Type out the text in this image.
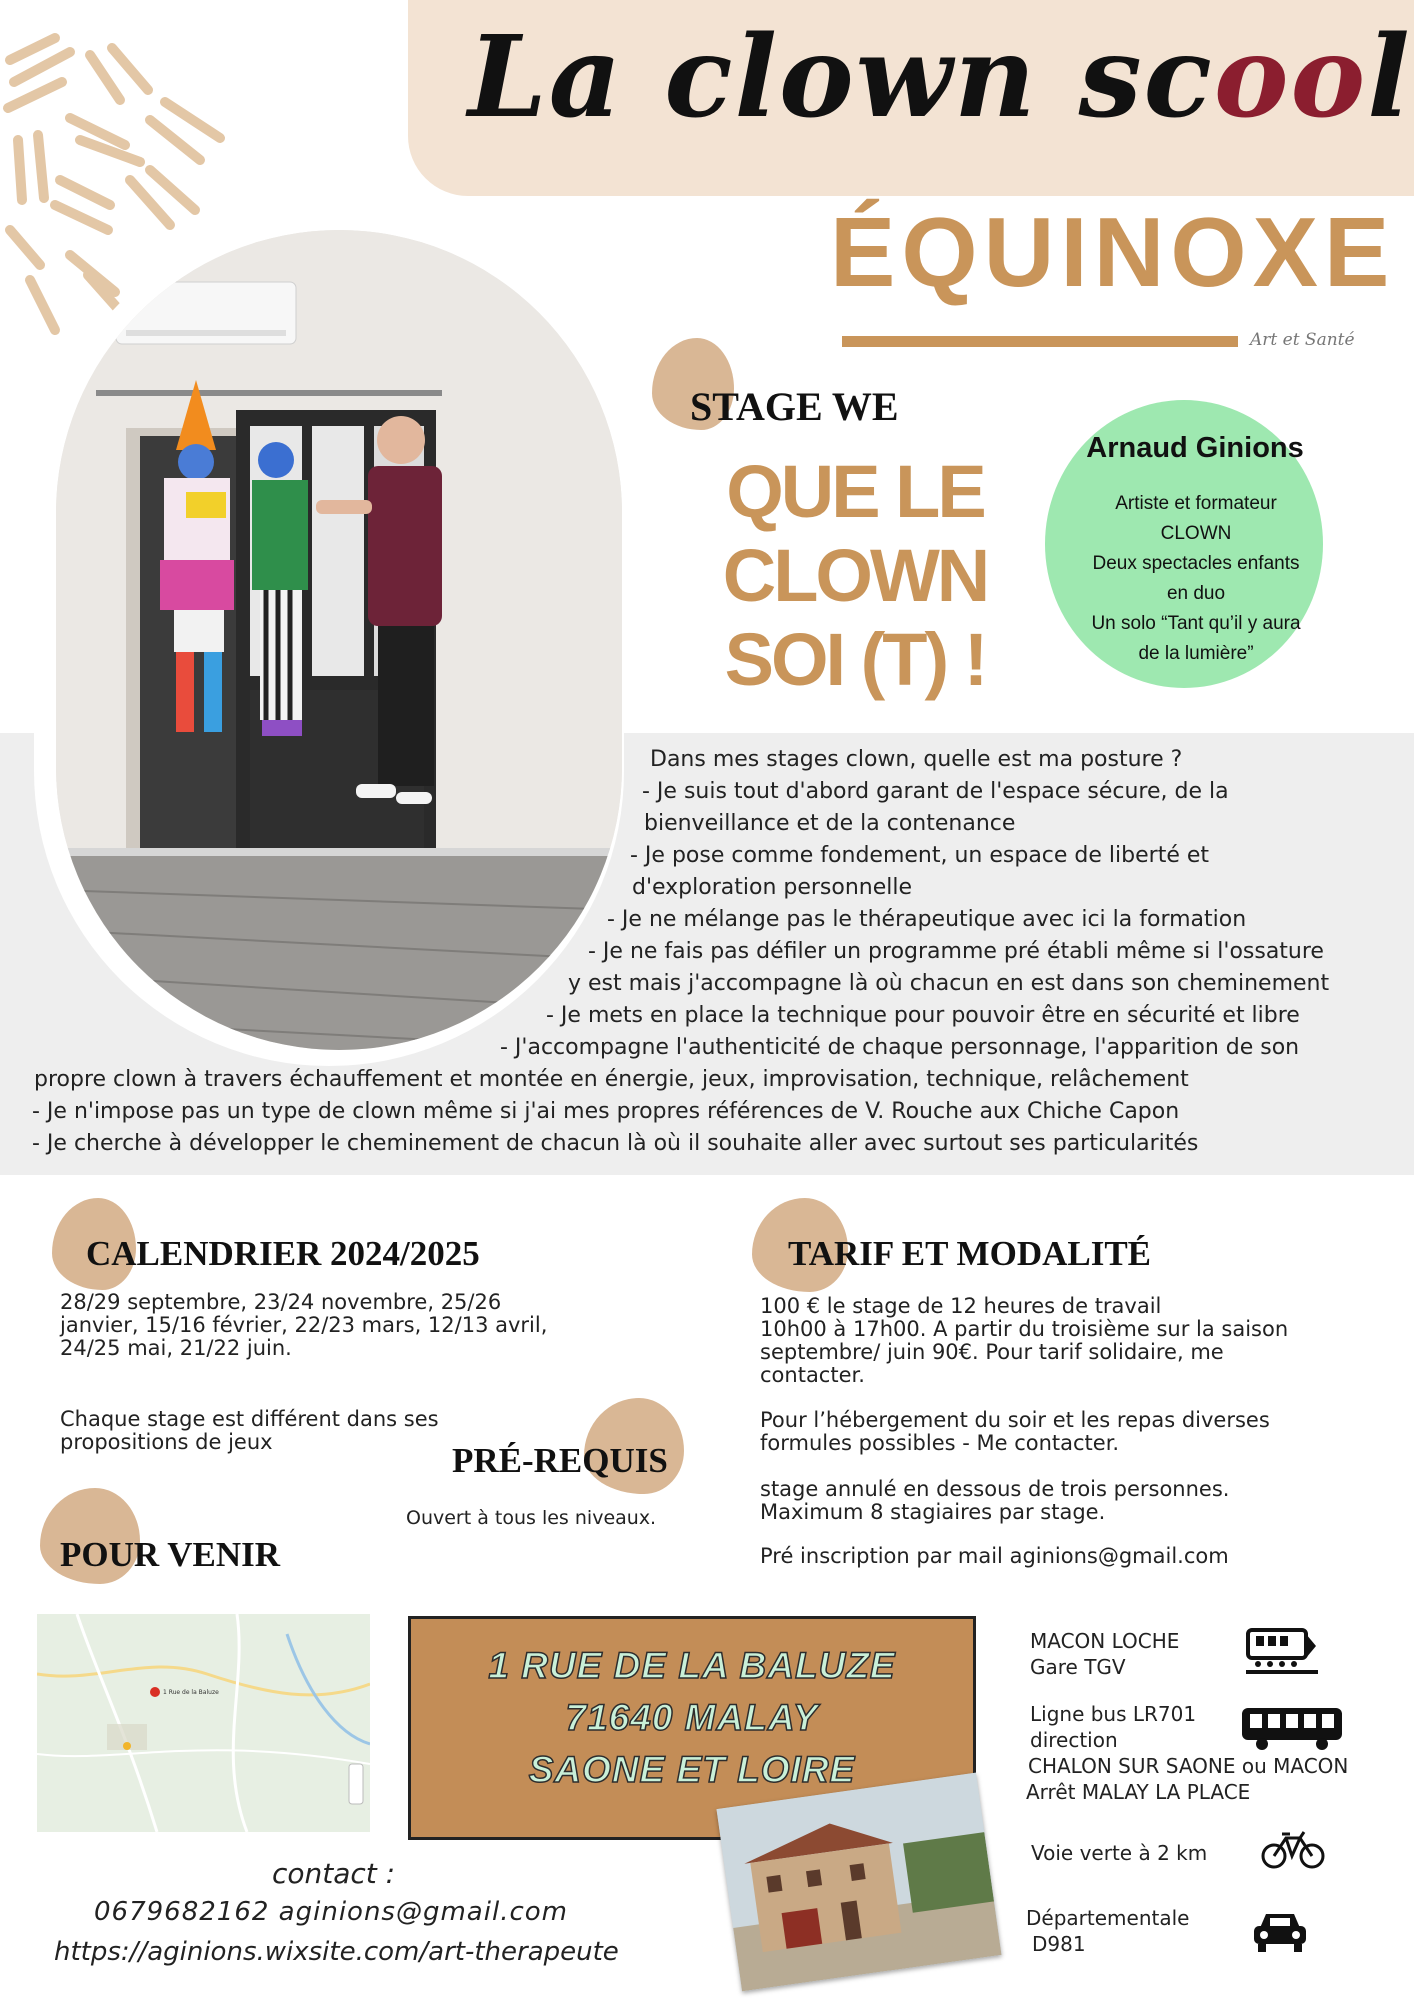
La clown scool
ÉQUINOXE
Art et Santé
STAGE WE
QUE LE
CLOWN
SOI (T) !
Arnaud Ginions
Artiste et formateur
CLOWN
Deux spectacles enfants
en duo
Un solo “Tant qu’il y aura
de la lumière”
Dans mes stages clown, quelle est ma posture ?
- Je suis tout d'abord garant de l'espace sécure, de la
bienveillance et de la contenance
- Je pose comme fondement, un espace de liberté et
d'exploration personnelle
- Je ne mélange pas le thérapeutique avec ici la formation
- Je ne fais pas défiler un programme pré établi même si l'ossature
y est mais j'accompagne là où chacun en est dans son cheminement
- Je mets en place la technique pour pouvoir être en sécurité et libre
- J'accompagne l'authenticité de chaque personnage, l'apparition de son
propre clown à travers échauffement et montée en énergie, jeux, improvisation, technique, relâchement
- Je n'impose pas un type de clown même si j'ai mes propres références de V. Rouche aux Chiche Capon
- Je cherche à développer le cheminement de chacun là où il souhaite aller avec surtout ses particularités
CALENDRIER 2024/2025
28/29 septembre, 23/24 novembre, 25/26
janvier, 15/16 février, 22/23 mars, 12/13 avril,
24/25 mai, 21/22 juin.
Chaque stage est différent dans ses
propositions de jeux	PRÉ-REQUIS
Ouvert à tous les niveaux.
POUR VENIR
TARIF ET MODALITÉ
100 € le stage de 12 heures de travail
10h00 à 17h00. A partir du troisième sur la saison
septembre/ juin 90€. Pour tarif solidaire, me
contacter.
Pour l’hébergement du soir et les repas diverses
formules possibles - Me contacter.
stage annulé en dessous de trois personnes.
Maximum 8 stagiaires par stage.
Pré inscription par mail aginions@gmail.com
1 Rue de la Baluze
1 RUE DE LA BALUZE
71640 MALAY
SAONE ET LOIRE
MACON LOCHE
Gare TGV
Ligne bus LR701
direction
CHALON SUR SAONE ou MACON
Arrêt MALAY LA PLACE
Voie verte à 2 km
Départementale
D981
contact :
0679682162 aginions@gmail.com
https://aginions.wixsite.com/art-therapeute
